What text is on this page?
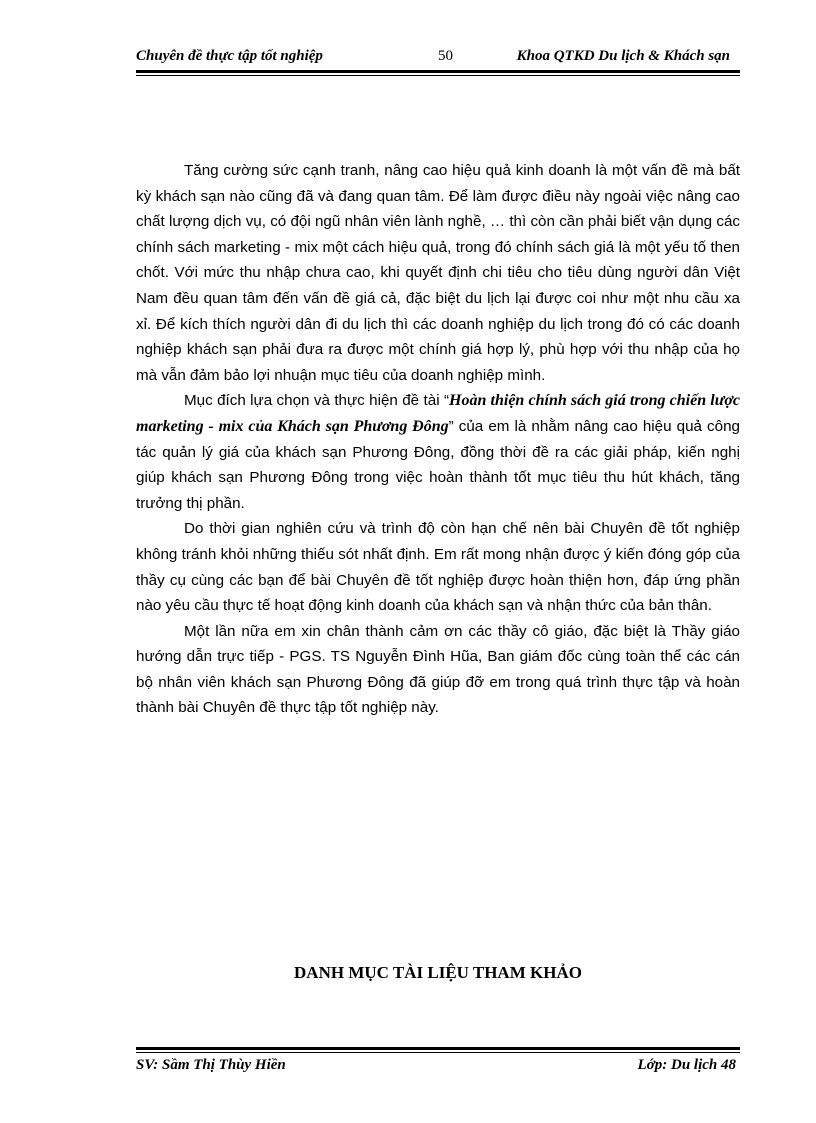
Chuyên đề thực tập tốt nghiệp	50	Khoa QTKD Du lịch & Khách sạn

Tăng cường sức cạnh tranh, nâng cao hiệu quả kinh doanh là một vấn đề mà bất kỳ khách sạn nào cũng đã và đang quan tâm. Để làm được điều này ngoài việc nâng cao chất lượng dịch vụ, có đội ngũ nhân viên lành nghề, … thì còn cần phải biết vận dụng các chính sách marketing - mix một cách hiệu quả, trong đó chính sách giá là một yếu tố then chốt. Với mức thu nhập chưa cao, khi quyết định chi tiêu cho tiêu dùng người dân Việt Nam đều quan tâm đến vấn đề giá cả, đặc biệt du lịch lại được coi như một nhu cầu xa xỉ. Để kích thích người dân đi du lịch thì các doanh nghiệp du lịch trong đó có các doanh nghiệp khách sạn phải đưa ra được một chính giá hợp lý, phù hợp với thu nhập của họ mà vẫn đảm bảo lợi nhuận mục tiêu của doanh nghiệp mình.

Mục đích lựa chọn và thực hiện đề tài “Hoàn thiện chính sách giá trong chiến lược marketing - mix của Khách sạn Phương Đông” của em là nhằm nâng cao hiệu quả công tác quản lý giá của khách sạn Phương Đông, đồng thời đề ra các giải pháp, kiến nghị giúp khách sạn Phương Đông trong việc hoàn thành tốt mục tiêu thu hút khách, tăng trưởng thị phần.

Do thời gian nghiên cứu và trình độ còn hạn chế nên bài Chuyên đề tốt nghiệp không tránh khỏi những thiếu sót nhất định. Em rất mong nhận được ý kiến đóng góp của thầy cụ cùng các bạn để bài Chuyên đề tốt nghiệp được hoàn thiện hơn, đáp ứng phần nào yêu cầu thực tế hoạt động kinh doanh của khách sạn và nhận thức của bản thân.

Một lần nữa em xin chân thành cảm ơn các thầy cô giáo, đặc biệt là Thầy giáo hướng dẫn trực tiếp - PGS. TS Nguyễn Đình Hũa, Ban giám đốc cùng toàn thể các cán bộ nhân viên khách sạn Phương Đông đã giúp đỡ em trong quá trình thực tập và hoàn thành bài Chuyên đề thực tập tốt nghiệp này.

DANH MỤC TÀI LIỆU THAM KHẢO
SV: Sầm Thị Thùy Hiền	Lớp: Du lịch 48
